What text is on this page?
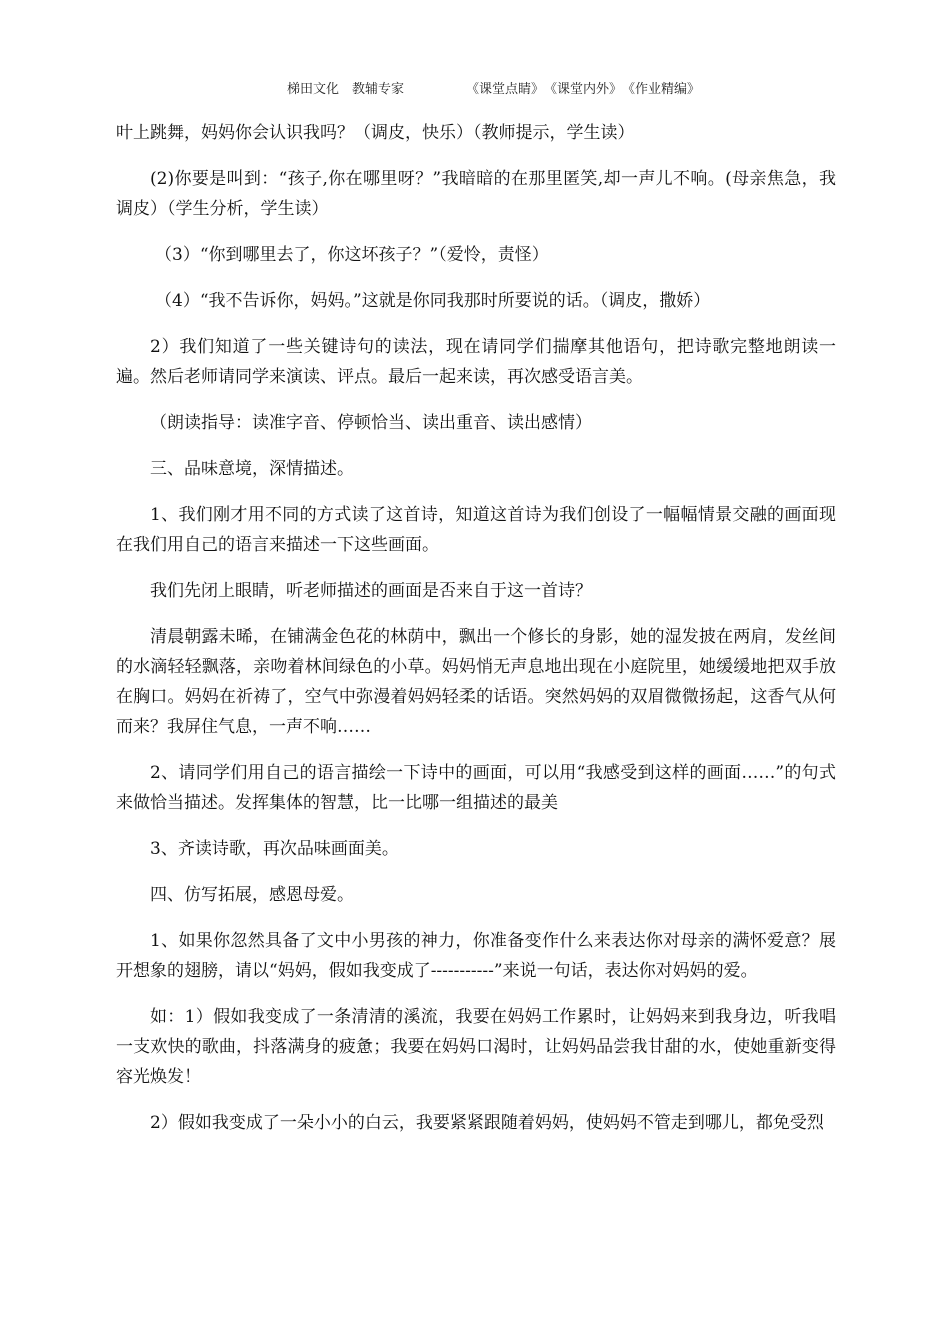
梯田文化　教辅专家	《课堂点睛》　《课堂内外》　《作业精编》

叶上跳舞，妈妈你会认识我吗？（调皮，快乐）（教师提示，学生读）

(2)你要是叫到：“孩子,你在哪里呀？”我暗暗的在那里匿笑,却一声儿不响。(母亲焦急，我调皮）（学生分析，学生读）

（3）“你到哪里去了，你这坏孩子？”（爱怜，责怪）

（4）“我不告诉你，妈妈。”这就是你同我那时所要说的话。（调皮，撒娇）

2）我们知道了一些关键诗句的读法，现在请同学们揣摩其他语句，把诗歌完整地朗读一遍。然后老师请同学来演读、评点。最后一起来读，再次感受语言美。

（朗读指导：读准字音、停顿恰当、读出重音、读出感情）

三、品味意境，深情描述。

1、我们刚才用不同的方式读了这首诗，知道这首诗为我们创设了一幅幅情景交融的画面现在我们用自己的语言来描述一下这些画面。

我们先闭上眼睛，听老师描述的画面是否来自于这一首诗？

清晨朝露未晞，在铺满金色花的林荫中，飘出一个修长的身影，她的湿发披在两肩，发丝间的水滴轻轻飘落，亲吻着林间绿色的小草。妈妈悄无声息地出现在小庭院里，她缓缓地把双手放在胸口。妈妈在祈祷了，空气中弥漫着妈妈轻柔的话语。突然妈妈的双眉微微扬起，这香气从何而来？我屏住气息，一声不响……

2、请同学们用自己的语言描绘一下诗中的画面，可以用“我感受到这样的画面……”的句式来做恰当描述。发挥集体的智慧，比一比哪一组描述的最美

3、齐读诗歌，再次品味画面美。

四、仿写拓展，感恩母爱。

1、如果你忽然具备了文中小男孩的神力，你准备变作什么来表达你对母亲的满怀爱意？展开想象的翅膀，请以“妈妈，假如我变成了-----------”来说一句话，表达你对妈妈的爱。

如：1）假如我变成了一条清清的溪流，我要在妈妈工作累时，让妈妈来到我身边，听我唱一支欢快的歌曲，抖落满身的疲惫；我要在妈妈口渴时，让妈妈品尝我甘甜的水，使她重新变得容光焕发！

2）假如我变成了一朵小小的白云，我要紧紧跟随着妈妈，使妈妈不管走到哪儿，都免受烈
